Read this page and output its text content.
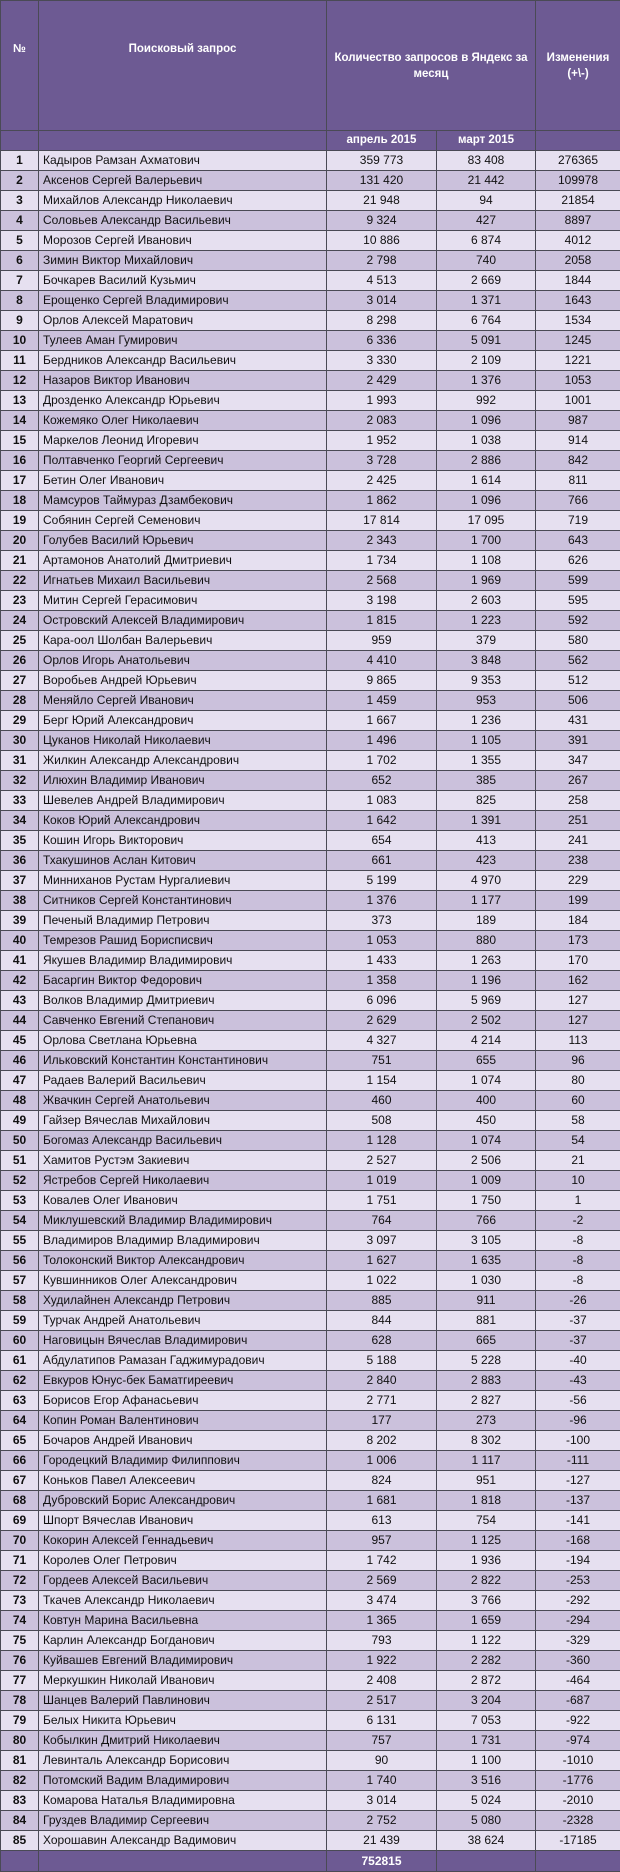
№	Поисковый запрос	Количество запросов в Яндекс за месяц		Изменения (+\-)
		апрель 2015	март 2015	
1	Кадыров Рамзан Ахматович	359 773	83 408	276365
2	Аксенов Сергей Валерьевич	131 420	21 442	109978
3	Михайлов Александр Николаевич	21 948	94	21854
4	Соловьев Александр Васильевич	9 324	427	8897
5	Морозов Сергей Иванович	10 886	6 874	4012
6	Зимин Виктор Михайлович	2 798	740	2058
7	Бочкарев Василий Кузьмич	4 513	2 669	1844
8	Ерощенко Сергей Владимирович	3 014	1 371	1643
9	Орлов Алексей Маратович	8 298	6 764	1534
10	Тулеев Аман Гумирович	6 336	5 091	1245
11	Бердников Александр Васильевич	3 330	2 109	1221
12	Назаров Виктор Иванович	2 429	1 376	1053
13	Дрозденко Александр Юрьевич	1 993	992	1001
14	Кожемяко Олег Николаевич	2 083	1 096	987
15	Маркелов Леонид Игоревич	1 952	1 038	914
16	Полтавченко Георгий Сергеевич	3 728	2 886	842
17	Бетин Олег Иванович	2 425	1 614	811
18	Мамсуров Таймураз Дзамбекович	1 862	1 096	766
19	Собянин Сергей Семенович	17 814	17 095	719
20	Голубев Василий Юрьевич	2 343	1 700	643
21	Артамонов Анатолий Дмитриевич	1 734	1 108	626
22	Игнатьев Михаил Васильевич	2 568	1 969	599
23	Митин Сергей Герасимович	3 198	2 603	595
24	Островский Алексей Владимирович	1 815	1 223	592
25	Кара-оол Шолбан Валерьевич	959	379	580
26	Орлов Игорь Анатольевич	4 410	3 848	562
27	Воробьев Андрей Юрьевич	9 865	9 353	512
28	Меняйло Сергей Иванович	1 459	953	506
29	Берг Юрий Александрович	1 667	1 236	431
30	Цуканов Николай Николаевич	1 496	1 105	391
31	Жилкин Александр Александрович	1 702	1 355	347
32	Илюхин Владимир Иванович	652	385	267
33	Шевелев Андрей Владимирович	1 083	825	258
34	Коков Юрий Александрович	1 642	1 391	251
35	Кошин Игорь Викторович	654	413	241
36	Тхакушинов Аслан Китович	661	423	238
37	Минниханов Рустам Нургалиевич	5 199	4 970	229
38	Ситников Сергей Константинович	1 376	1 177	199
39	Печеный Владимир Петрович	373	189	184
40	Темрезов Рашид Борисписвич	1 053	880	173
41	Якушев Владимир Владимирович	1 433	1 263	170
42	Басаргин Виктор Федорович	1 358	1 196	162
43	Волков Владимир Дмитриевич	6 096	5 969	127
44	Савченко Евгений Степанович	2 629	2 502	127
45	Орлова Светлана Юрьевна	4 327	4 214	113
46	Ильковский Константин Константинович	751	655	96
47	Радаев Валерий Васильевич	1 154	1 074	80
48	Жвачкин Сергей Анатольевич	460	400	60
49	Гайзер Вячеслав Михайлович	508	450	58
50	Богомаз Александр Васильевич	1 128	1 074	54
51	Хамитов Рустэм Закиевич	2 527	2 506	21
52	Ястребов Сергей Николаевич	1 019	1 009	10
53	Ковалев Олег Иванович	1 751	1 750	1
54	Миклушевский Владимир Владимирович	764	766	-2
55	Владимиров Владимир Владимирович	3 097	3 105	-8
56	Толоконский Виктор Александрович	1 627	1 635	-8
57	Кувшинников Олег Александрович	1 022	1 030	-8
58	Худилайнен Александр Петрович	885	911	-26
59	Турчак Андрей Анатольевич	844	881	-37
60	Наговицын Вячеслав Владимирович	628	665	-37
61	Абдулатипов Рамазан Гаджимурадович	5 188	5 228	-40
62	Евкуров Юнус-бек Баматгиреевич	2 840	2 883	-43
63	Борисов Егор Афанасьевич	2 771	2 827	-56
64	Копин Роман Валентинович	177	273	-96
65	Бочаров Андрей Иванович	8 202	8 302	-100
66	Городецкий Владимир Филиппович	1 006	1 117	-111
67	Коньков Павел Алексеевич	824	951	-127
68	Дубровский Борис Александрович	1 681	1 818	-137
69	Шпорт Вячеслав Иванович	613	754	-141
70	Кокорин Алексей Геннадьевич	957	1 125	-168
71	Королев Олег Петрович	1 742	1 936	-194
72	Гордеев Алексей Васильевич	2 569	2 822	-253
73	Ткачев Александр Николаевич	3 474	3 766	-292
74	Ковтун Марина Васильевна	1 365	1 659	-294
75	Карлин Александр Богданович	793	1 122	-329
76	Куйвашев Евгений Владимирович	1 922	2 282	-360
77	Меркушкин Николай Иванович	2 408	2 872	-464
78	Шанцев Валерий Павлинович	2 517	3 204	-687
79	Белых Никита Юрьевич	6 131	7 053	-922
80	Кобылкин Дмитрий Николаевич	757	1 731	-974
81	Левинталь Александр Борисович	90	1 100	-1010
82	Потомский Вадим Владимирович	1 740	3 516	-1776
83	Комарова Наталья Владимировна	3 014	5 024	-2010
84	Груздев Владимир Сергеевич	2 752	5 080	-2328
85	Хорошавин Александр Вадимович	21 439	38 624	-17185
		752815		
